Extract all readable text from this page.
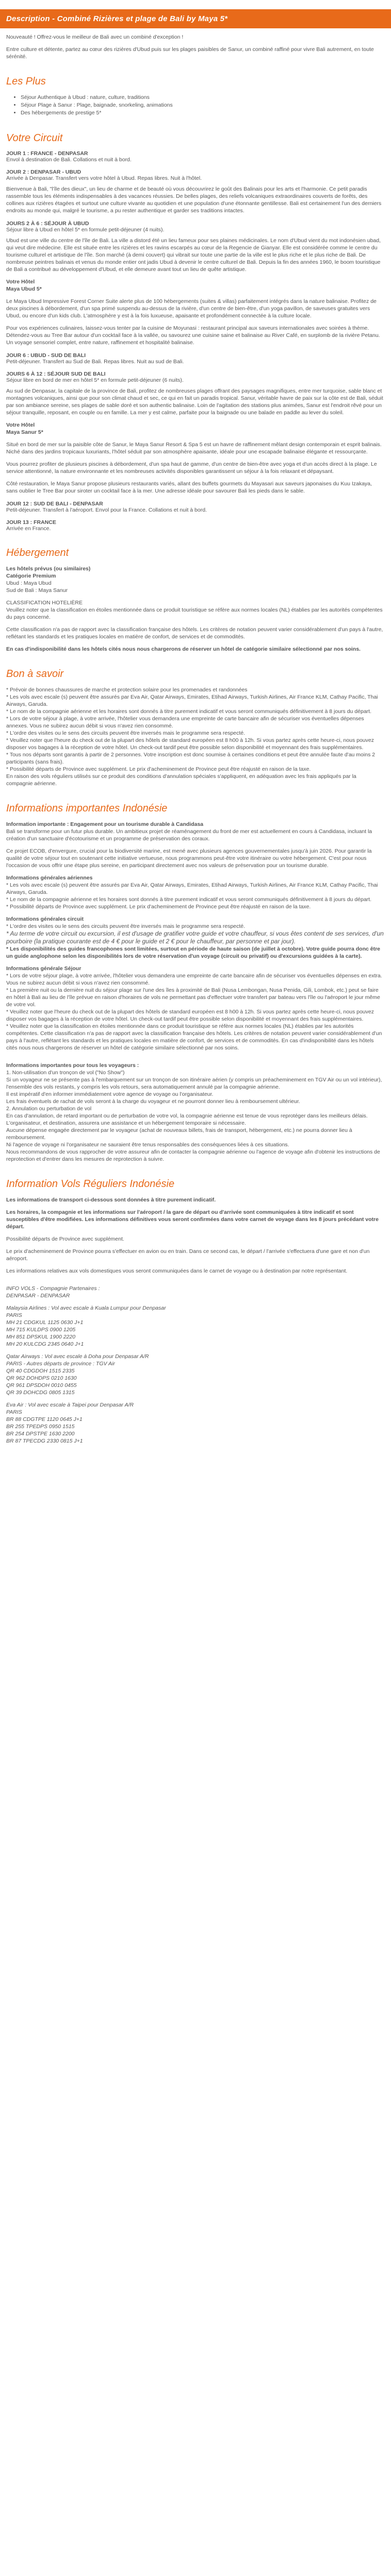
Description - Combiné Rizières et plage de Bali by Maya 5*

Nouveauté ! Offrez-vous le meilleur de Bali avec un combiné d'exception !

Entre culture et détente, partez au cœur des rizières d'Ubud puis sur les plages paisibles de Sanur, un combiné raffiné pour vivre Bali autrement, en toute sérénité.

Les Plus
• Séjour Authentique à Ubud : nature, culture, traditions
• Séjour Plage à Sanur : Plage, baignade, snorkeling, animations
• Des hébergements de prestige 5*
Votre Circuit
JOUR 1 : FRANCE - DENPASAR
Envol à destination de Bali. Collations et nuit à bord.
JOUR 2 : DENPASAR - UBUD
Arrivée à Denpasar. Transfert vers votre hôtel à Ubud. Repas libres. Nuit à l'hôtel.

Bienvenue à Bali, "l'île des dieux", un lieu de charme et de beauté où vous découvrirez le goût des Balinais pour les arts et l'harmonie. Ce petit paradis rassemble tous les éléments indispensables à des vacances réussies. De belles plages, des reliefs volcaniques extraordinaires couverts de forêts, des collines aux rizières étagées et surtout une culture vivante au quotidien et une population d'une étonnante gentillesse. Bali est certainement l'un des derniers endroits au monde qui, malgré le tourisme, a pu rester authentique et garder ses traditions intactes.

JOURS 2 À 6 : SÉJOUR À UBUD
Séjour libre à Ubud en hôtel 5* en formule petit-déjeuner (4 nuits).

Ubud est une ville du centre de l'île de Bali. La ville a distord été un lieu fameux pour ses plaines médicinales. Le nom d'Ubud vient du mot indonésien ubad, qui veut dire médecine. Elle est située entre les rizières et les ravins escarpés au cœur de la Regencie de Gianyar. Elle est considérée comme le centre du tourisme culturel et artistique de l'île. Son marché (à demi couvert) qui vibrait sur toute une partie de la ville est le plus riche et le plus riche de Bali. De nombreuse peintres balinais et venus du monde entier ont jadis Ubud à devenir le centre culturel de Bali. Depuis la fin des années 1960, le boom touristique de Bali a contribué au développement d'Ubud, et elle demeure avant tout un lieu de quête artistique.

Votre Hôtel
Maya Ubud 5*

Le Maya Ubud Impressive Forest Corner Suite alerte plus de 100 hébergements (suites & villas) parfaitement intégrés dans la nature balinaise. Profitez de deux piscines à débordement, d'un spa primé suspendu au-dessus de la rivière, d'un centre de bien-être, d'un yoga pavillon, de saveuses gratuites vers Ubud, ou encore d'un kids club. L'atmosphère y est à la fois luxueuse, apaisante et profondément connectée à la culture locale.

Pour vos expériences culinaires, laissez-vous tenter par la cuisine de Moyunasi : restaurant principal aux saveurs internationales avec soirées à thème. Détendez-vous au Tree Bar autour d'un cocktail face à la vallée, ou savourez une cuisine saine et balinaise au River Café, en surplomb de la rivière Petanu. Un voyage sensoriel complet, entre nature, raffinement et hospitalité balinaise.

JOUR 6 : UBUD - SUD DE BALI
Petit-déjeuner. Transfert au Sud de Bali. Repas libres. Nuit au sud de Bali.
JOURS 6 À 12 : SÉJOUR SUD DE BALI
Séjour libre en bord de mer en hôtel 5* en formule petit-déjeuner (6 nuits).

Au sud de Denpasar, la capitale de la province de Bali, profitez de nombreuses plages offrant des paysages magnifiques, entre mer turquoise, sable blanc et montagnes volcaniques, ainsi que pour son climat chaud et sec, ce qui en fait un paradis tropical. Sanur, véritable havre de paix sur la côte est de Bali, séduit par son ambiance sereine, ses plages de sable doré et son authentic balinaise. Loin de l'agitation des stations plus animées, Sanur est l'endroit rêvé pour un séjour tranquille, reposant, en couple ou en famille. La mer y est calme, parfaite pour la baignade ou une balade en paddle au lever du soleil.

Votre Hôtel
Maya Sanur 5*

Situé en bord de mer sur la paisible côte de Sanur, le Maya Sanur Resort & Spa 5 est un havre de raffinement mêlant design contemporain et esprit balinais. Niché dans des jardins tropicaux luxuriants, l'hôtel séduit par son atmosphère apaisante, idéale pour une escapade balinaise élégante et ressourçante.

Vous pourrez profiter de plusieurs piscines à débordement, d'un spa haut de gamme, d'un centre de bien-être avec yoga et d'un accès direct à la plage. Le service attentionné, la nature environnante et les nombreuses activités disponibles garantissent un séjour à la fois relaxant et dépaysant.

Côté restauration, le Maya Sanur propose plusieurs restaurants variés, allant des buffets gourmets du Mayasari aux saveurs japonaises du Kuu Izakaya, sans oublier le Tree Bar pour siroter un cocktail face à la mer. Une adresse idéale pour savourer Bali les pieds dans le sable.

JOUR 12 : SUD DE BALI - DENPASAR
Petit-déjeuner. Transfert à l'aéroport. Envol pour la France. Collations et nuit à bord.
JOUR 13 : FRANCE
Arrivée en France.
Hébergement

Les hôtels prévus (ou similaires)

Catégorie Premium

Ubud : Maya Ubud

Sud de Bali : Maya Sanur

CLASSIFICATION HOTELIÈRE

Veuillez noter que la classification en étoiles mentionnée dans ce produit touristique se réfère aux normes locales (NL) établies par les autorités compétentes du pays concerné.

Cette classification n'a pas de rapport avec la classification française des hôtels. Les critères de notation peuvent varier considérablement d'un pays à l'autre, reflétant les standards et les pratiques locales en matière de confort, de services et de commodités.

En cas d'indisponibilité dans les hôtels cités nous nous chargerons de réserver un hôtel de catégorie similaire sélectionné par nos soins.

Bon à savoir

* Prévoir de bonnes chaussures de marche et protection solaire pour les promenades et randonnées

* Les vols avec escale (s) peuvent être assurés par Eva Air, Qatar Airways, Emirates, Etihad Airways, Turkish Airlines, Air France KLM, Cathay Pacific, Thai Airways, Garuda.

* Le nom de la compagnie aérienne et les horaires sont donnés à titre purement indicatif et vous seront communiqués définitivement à 8 jours du départ.

* Lors de votre séjour à plage, à votre arrivée, l'hôtelier vous demandera une empreinte de carte bancaire afin de sécuriser vos éventuelles dépenses annexes. Vous ne subirez aucun débit si vous n'avez rien consommé.

* L'ordre des visites ou le sens des circuits peuvent être inversés mais le programme sera respecté.

* Veuillez noter que l'heure du check out de la plupart des hôtels de standard européen est 8 h00 à 12h. Si vous partez après cette heure-ci, nous pouvez disposer vos bagages à la réception de votre hôtel. Un check-out tardif peut être possible selon disponibilité et moyennant des frais supplémentaires.

* Tous nos départs sont garantis à partir de 2 personnes. Votre inscription est donc soumise à certaines conditions et peut être annulée faute d'au moins 2 participants (sans frais).

* Possibilité départs de Province avec supplément. Le prix d'acheminement de Province peut être réajusté en raison de la taxe.

En raison des vols réguliers utilisés sur ce produit des conditions d'annulation spéciales s'appliquent, en adéquation avec les frais appliqués par la compagnie aérienne.

Informations importantes Indonésie

Information importante : Engagement pour un tourisme durable à Candidasa

Bali se transforme pour un futur plus durable. Un ambitieux projet de réaménagement du front de mer est actuellement en cours à Candidasa, incluant la création d'un sanctuaire d'écotourisme et un programme de préservation des coraux.

Ce projet ECOB, d'envergure, crucial pour la biodiversité marine, est mené avec plusieurs agences gouvernementales jusqu'à juin 2026. Pour garantir la qualité de votre séjour tout en soutenant cette initiative vertueuse, nous programmons peut-être votre itinéraire ou votre hébergement. C'est pour nous l'occasion de vous offrir une étape plus sereine, en participant directement avec nos valeurs de préservation pour un tourisme durable.

Informations générales aériennes

* Les vols avec escale (s) peuvent être assurés par Eva Air, Qatar Airways, Emirates, Etihad Airways, Turkish Airlines, Air France KLM, Cathay Pacific, Thai Airways, Garuda.

* Le nom de la compagnie aérienne et les horaires sont donnés à titre purement indicatif et vous seront communiqués définitivement à 8 jours du départ.

* Possibilité départs de Province avec supplément. Le prix d'acheminement de Province peut être réajusté en raison de la taxe.

Informations générales circuit

* L'ordre des visites ou le sens des circuits peuvent être inversés mais le programme sera respecté.

* Au terme de votre circuit ou excursion, il est d'usage de gratifier votre guide et votre chauffeur, si vous êtes content de ses services, d'un pourboire (la pratique courante est de 4 € pour le guide et 2 € pour le chauffeur, par personne et par jour).

* Les disponibilités des guides francophones sont limitées, surtout en période de haute saison (de juillet à octobre). Votre guide pourra donc être un guide anglophone selon les disponibilités lors de votre réservation d'un voyage (circuit ou privatif) ou d'excursions guidées à la carte).

Informations générale Séjour

* Lors de votre séjour plage, à votre arrivée, l'hôtelier vous demandera une empreinte de carte bancaire afin de sécuriser vos éventuelles dépenses en extra. Vous ne subirez aucun débit si vous n'avez rien consommé.

* La première nuit ou la dernière nuit du séjour plage sur l'une des îles à proximité de Bali (Nusa Lembongan, Nusa Penida, Gili, Lombok, etc.) peut se faire en hôtel à Bali au lieu de l'île prévue en raison d'horaires de vols ne permettant pas d'effectuer votre transfert par bateau vers l'île ou l'aéroport le jour même de votre vol.

* Veuillez noter que l'heure du check out de la plupart des hôtels de standard européen est 8 h00 à 12h. Si vous partez après cette heure-ci, nous pouvez disposer vos bagages à la réception de votre hôtel. Un check-out tardif peut être possible selon disponibilité et moyennant des frais supplémentaires.

* Veuillez noter que la classification en étoiles mentionnée dans ce produit touristique se réfère aux normes locales (NL) établies par les autorités compétentes. Cette classification n'a pas de rapport avec la classification française des hôtels. Les critères de notation peuvent varier considérablement d'un pays à l'autre, reflétant les standards et les pratiques locales en matière de confort, de services et de commodités. En cas d'indisponibilité dans les hôtels cités nous nous chargerons de réserver un hôtel de catégorie similaire sélectionné par nos soins.

Informations importantes pour tous les voyageurs :

1. Non-utilisation d'un tronçon de vol ("No Show")

Si un voyageur ne se présente pas à l'embarquement sur un tronçon de son itinéraire aérien (y compris un préacheminement en TGV Air ou un vol intérieur), l'ensemble des vols restants, y compris les vols retours, sera automatiquement annulé par la compagnie aérienne.

Il est impératif d'en informer immédiatement votre agence de voyage ou l'organisateur.

Les frais éventuels de rachat de vols seront à la charge du voyageur et ne pourront donner lieu à remboursement ultérieur.

2. Annulation ou perturbation de vol

En cas d'annulation, de retard important ou de perturbation de votre vol, la compagnie aérienne est tenue de vous reprotéger dans les meilleurs délais.

L'organisateur, et destination, assurera une assistance et un hébergement temporaire si nécessaire.

Aucune dépense engagée directement par le voyageur (achat de nouveaux billets, frais de transport, hébergement, etc.) ne pourra donner lieu à remboursement.

Ni l'agence de voyage ni l'organisateur ne sauraient être tenus responsables des conséquences liées à ces situations.

Nous recommandons de vous rapprocher de votre assureur afin de contacter la compagnie aérienne ou l'agence de voyage afin d'obtenir les instructions de reprotection et d'entrer dans les mesures de reprotection à suivre.

Information Vols Réguliers Indonésie

Les informations de transport ci-dessous sont données à titre purement indicatif.

Les horaires, la compagnie et les informations sur l'aéroport / la gare de départ ou d'arrivée sont communiquées à titre indicatif et sont susceptibles d'être modifiées. Les informations définitives vous seront confirmées dans votre carnet de voyage dans les 8 jours précédant votre départ.

Possibilité départs de Province avec supplément.

Le prix d'acheminement de Province pourra s'effectuer en avion ou en train. Dans ce second cas, le départ / l'arrivée s'effectuera d'une gare et non d'un aéroport.

Les informations relatives aux vols domestiques vous seront communiquées dans le carnet de voyage ou à destination par notre représentant.

INFO VOLS - Compagnie Partenaires :

DENPASAR - DENPASAR

Malaysia Airlines : Vol avec escale à Kuala Lumpur pour Denpasar

PARIS

MH 21 CDGKUL 1125 0630 J+1

MH 715 KULDPS 0900 1205

MH 851 DPSKUL 1900 2220

MH 20 KULCDG 2345 0640 J+1

Qatar Airways : Vol avec escale à Doha pour Denpasar A/R

PARIS - Autres départs de province : TGV Air

QR 40 CDGDOH 1515 2335

QR 962 DOHDPS 0210 1630

QR 961 DPSDOH 0010 0455

QR 39 DOHCDG 0805 1315

Eva Air : Vol avec escale à Taipei pour Denpasar A/R

PARIS

BR 88 CDGTPE 1120 0645 J+1

BR 255 TPEDPS 0950 1515

BR 254 DPSTPE 1630 2200

BR 87 TPECDG 2330 0815 J+1
